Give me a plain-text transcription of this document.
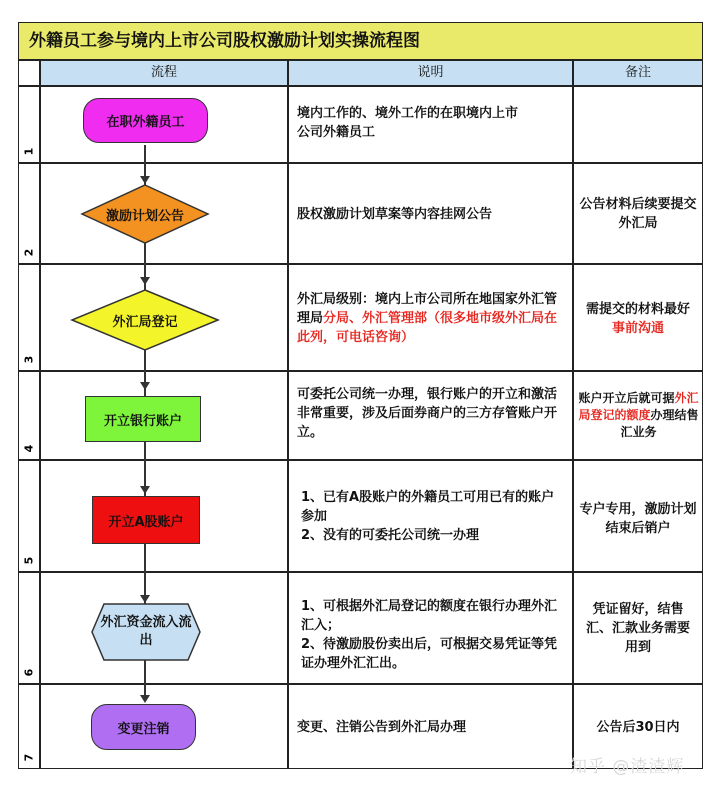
外籍员工参与境内上市公司股权激励计划实操流程图
流程	说明	备注
1
2
3
4
5
6
7
在职外籍员工
激励计划公告
外汇局登记
开立银行账户
开立A股账户
外汇资金流入流出
变更注销
境内工作的、境外工作的在职境内上市公司外籍员工
股权激励计划草案等内容挂网公告
外汇局级别：境内上市公司所在地国家外汇管理局分局、外汇管理部（很多地市级外汇局在此列，可电话咨询）
可委托公司统一办理，银行账户的开立和激活非常重要，涉及后面券商户的三方存管账户开立。
1、已有A股账户的外籍员工可用已有的账户参加
2、没有的可委托公司统一办理
1、可根据外汇局登记的额度在银行办理外汇汇入；
2、待激励股份卖出后，可根据交易凭证等凭证办理外汇汇出。
变更、注销公告到外汇局办理
公告材料后续要提交外汇局
需提交的材料最好事前沟通
账户开立后就可据外汇局登记的额度办理结售汇业务
专户专用，激励计划结束后销户
凭证留好，结售汇、汇款业务需要用到
公告后30日内
知乎 @渣渣辉
